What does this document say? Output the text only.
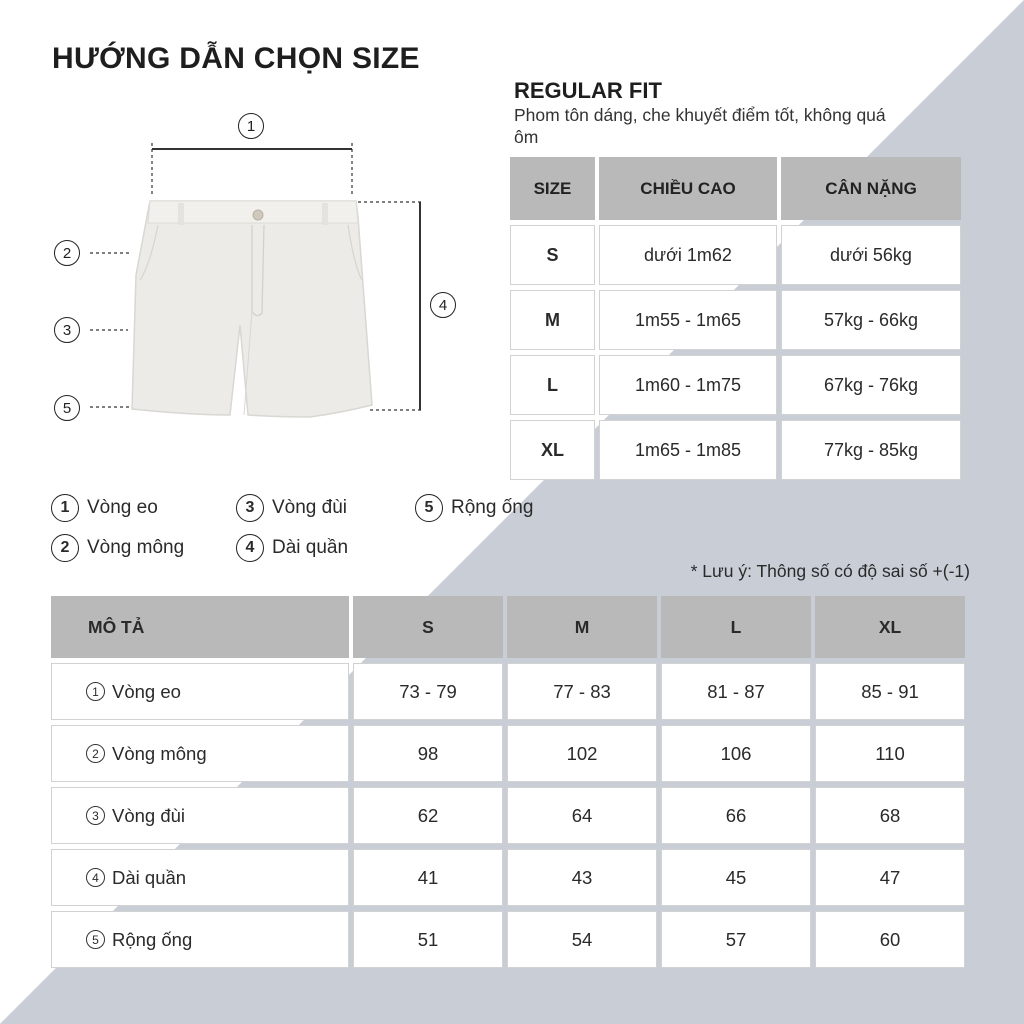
HƯỚNG DẪN CHỌN SIZE
REGULAR FIT
Phom tôn dáng, che khuyết điểm tốt, không quá ôm
1
2
3
4
5
SIZE	CHIỀU CAO	CÂN NẶNG
S	dưới 1m62	dưới 56kg
M	1m55 - 1m65	57kg - 66kg
L	1m60 - 1m75	67kg - 76kg
XL	1m65 - 1m85	77kg - 85kg
1 Vòng eo
2 Vòng mông
3 Vòng đùi
4 Dài quần
5 Rộng ống
* Lưu ý: Thông số có độ sai số +(-1)
MÔ TẢ	S	M	L	XL
1 Vòng eo	73 - 79	77 - 83	81 - 87	85 - 91
2 Vòng mông	98	102	106	110
3 Vòng đùi	62	64	66	68
4 Dài quần	41	43	45	47
5 Rộng ống	51	54	57	60
